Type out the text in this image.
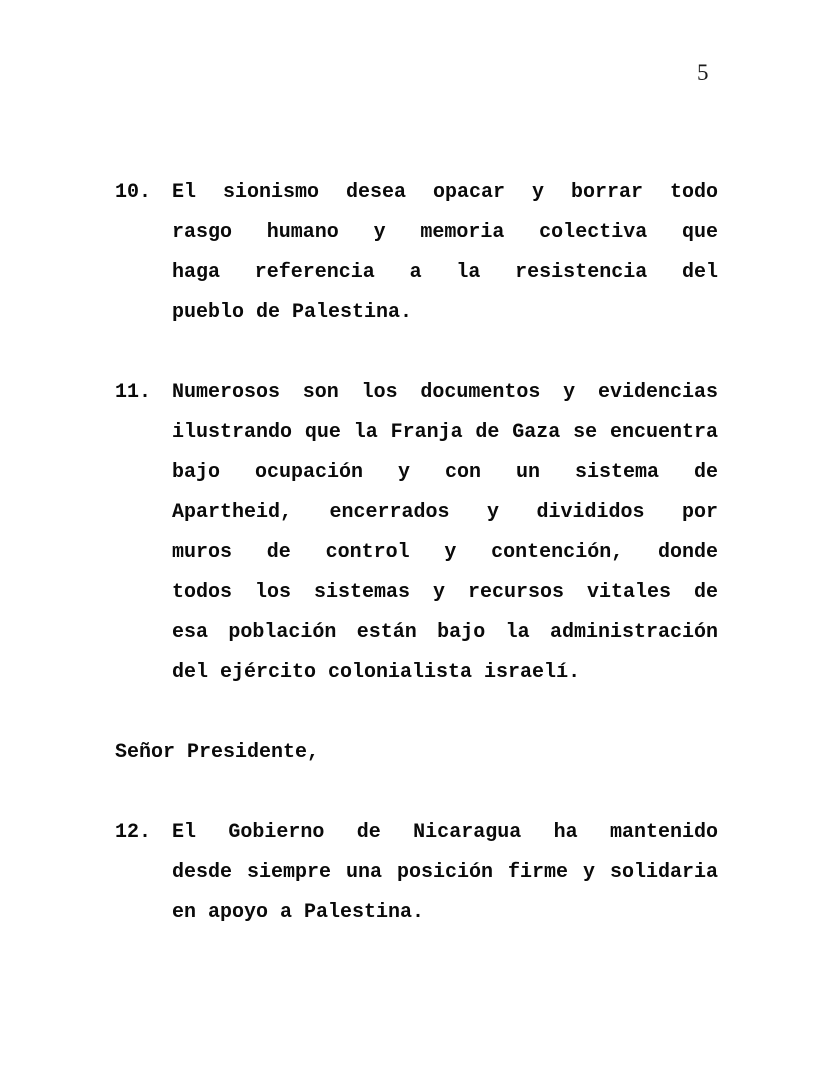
5
10. El sionismo desea opacar y borrar todo
rasgo humano y memoria colectiva que
haga referencia a la resistencia del
pueblo de Palestina.
11. Numerosos son los documentos y evidencias
ilustrando que la Franja de Gaza se encuentra
bajo ocupación y con un sistema de
Apartheid, encerrados y divididos por
muros de control y contención, donde
todos los sistemas y recursos vitales de
esa población están bajo la administración
del ejército colonialista israelí.
Señor Presidente,
12. El Gobierno de Nicaragua ha mantenido
desde siempre una posición firme y solidaria
en apoyo a Palestina.
